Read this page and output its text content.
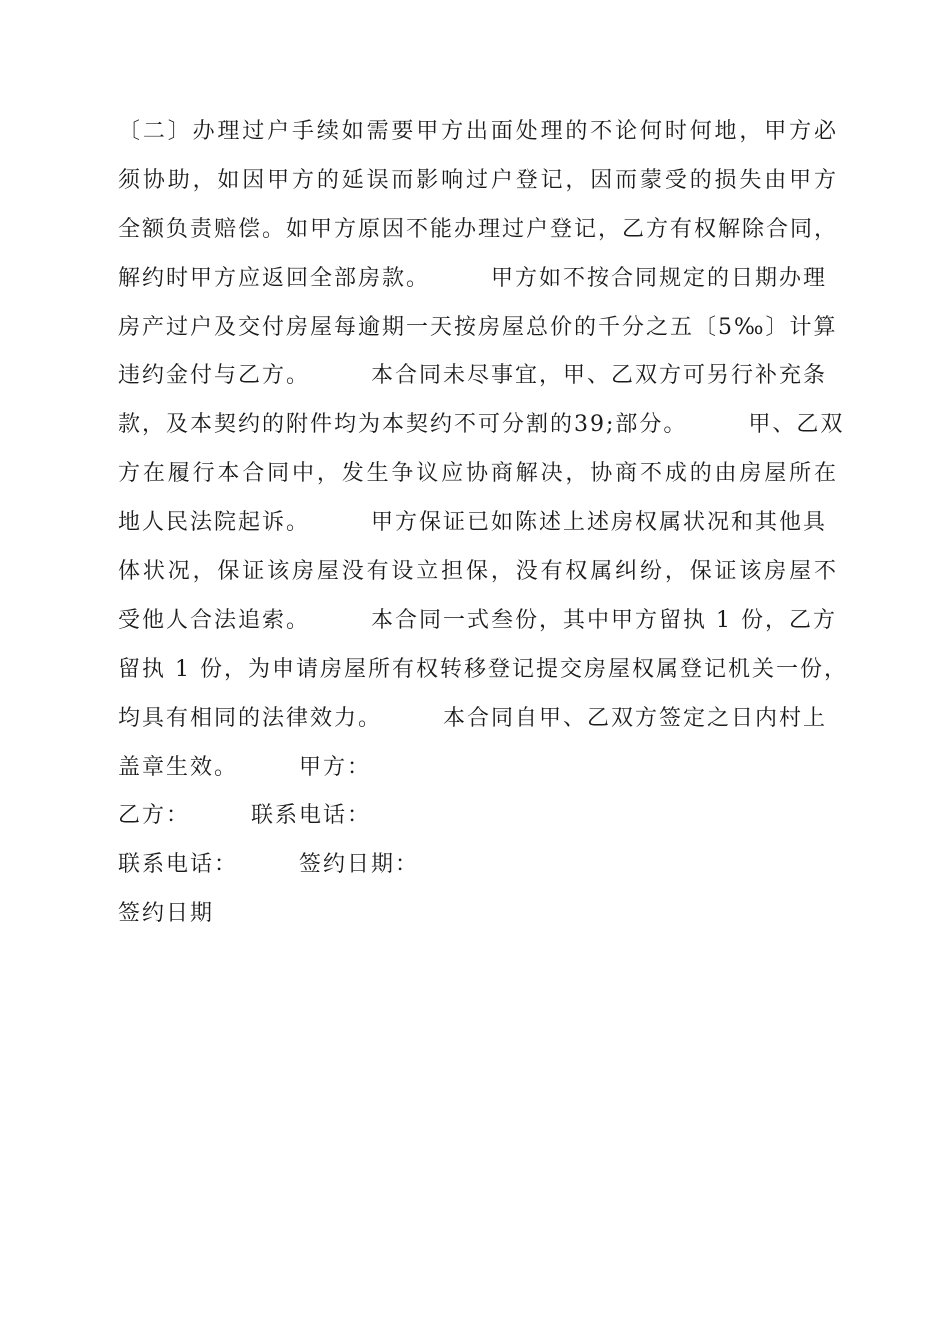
〔二〕办理过户手续如需要甲方出面处理的不论何时何地，甲方必
须协助，如因甲方的延误而影响过户登记，因而蒙受的损失由甲方
全额负责赔偿。如甲方原因不能办理过户登记，乙方有权解除合同，
解约时甲方应返回全部房款。　　　甲方如不按合同规定的日期办理
房产过户及交付房屋每逾期一天按房屋总价的千分之五〔5‰〕计算
违约金付与乙方。　　　本合同未尽事宜，甲、乙双方可另行补充条
款，及本契约的附件均为本契约不可分割的39;部分。　　　甲、乙双
方在履行本合同中，发生争议应协商解决，协商不成的由房屋所在
地人民法院起诉。　　　甲方保证已如陈述上述房权属状况和其他具
体状况，保证该房屋没有设立担保，没有权属纠纷，保证该房屋不
受他人合法追索。　　　本合同一式叁份，其中甲方留执 1 份，乙方
留执 1 份，为申请房屋所有权转移登记提交房屋权属登记机关一份，
均具有相同的法律效力。　　　本合同自甲、乙双方签定之日内村上
盖章生效。　　　甲方：
乙方：　　　联系电话：
联系电话：　　　签约日期：
签约日期
